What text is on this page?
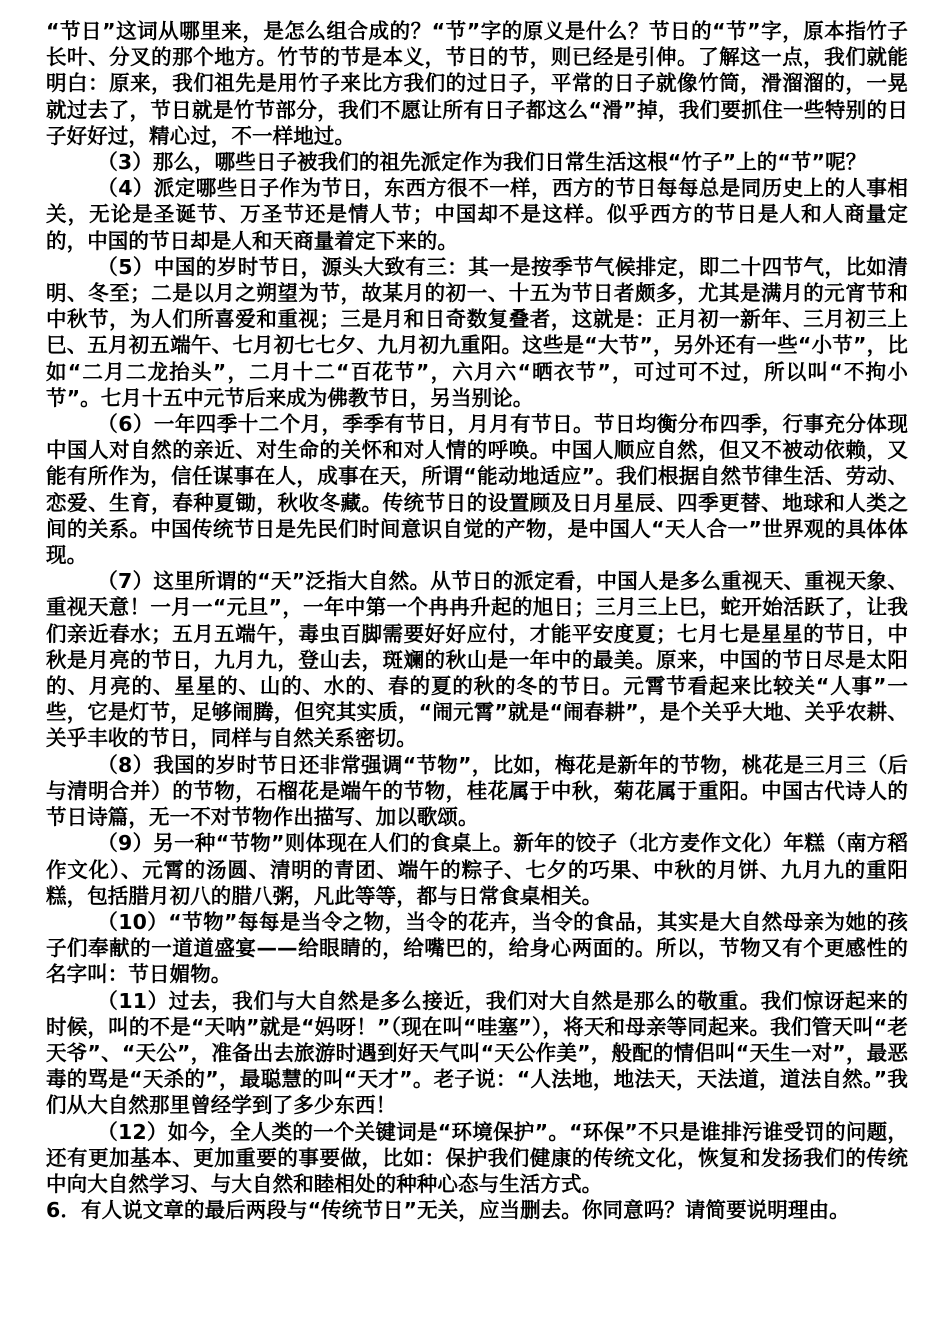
“节日”这词从哪里来，是怎么组合成的？“节”字的原义是什么？节日的“节”字，原本指竹子长叶、分叉的那个地方。竹节的节是本义，节日的节，则已经是引伸。了解这一点，我们就能明白：原来，我们祖先是用竹子来比方我们的过日子，平常的日子就像竹筒，滑溜溜的，一晃就过去了，节日就是竹节部分，我们不愿让所有日子都这么“滑”掉，我们要抓住一些特别的日子好好过，精心过，不一样地过。

（3）那么，哪些日子被我们的祖先派定作为我们日常生活这根“竹子”上的“节”呢？

（4）派定哪些日子作为节日，东西方很不一样，西方的节日每每总是同历史上的人事相关，无论是圣诞节、万圣节还是情人节；中国却不是这样。似乎西方的节日是人和人商量定的，中国的节日却是人和天商量着定下来的。

（5）中国的岁时节日，源头大致有三：其一是按季节气候排定，即二十四节气，比如清明、冬至；二是以月之朔望为节，故某月的初一、十五为节日者颇多，尤其是满月的元宵节和中秋节，为人们所喜爱和重视；三是月和日奇数复叠者，这就是：正月初一新年、三月初三上巳、五月初五端午、七月初七七夕、九月初九重阳。这些是“大节”，另外还有一些“小节”，比如“二月二龙抬头”，二月十二“百花节”，六月六“晒衣节”，可过可不过，所以叫“不拘小节”。七月十五中元节后来成为佛教节日，另当别论。

（6）一年四季十二个月，季季有节日，月月有节日。节日均衡分布四季，行事充分体现中国人对自然的亲近、对生命的关怀和对人情的呼唤。中国人顺应自然，但又不被动依赖，又能有所作为，信任谋事在人，成事在天，所谓“能动地适应”。我们根据自然节律生活、劳动、恋爱、生育，春种夏锄，秋收冬藏。传统节日的设置顾及日月星辰、四季更替、地球和人类之间的关系。中国传统节日是先民们时间意识自觉的产物，是中国人“天人合一”世界观的具体体现。

（7）这里所谓的“天”泛指大自然。从节日的派定看，中国人是多么重视天、重视天象、重视天意！一月一“元旦”，一年中第一个冉冉升起的旭日；三月三上巳，蛇开始活跃了，让我们亲近春水；五月五端午，毒虫百脚需要好好应付，才能平安度夏；七月七是星星的节日，中秋是月亮的节日，九月九，登山去，斑斓的秋山是一年中的最美。原来，中国的节日尽是太阳的、月亮的、星星的、山的、水的、春的夏的秋的冬的节日。元霄节看起来比较关“人事”一些，它是灯节，足够闹腾，但究其实质，“闹元霄”就是“闹春耕”，是个关乎大地、关乎农耕、关乎丰收的节日，同样与自然关系密切。

（8）我国的岁时节日还非常强调“节物”，比如，梅花是新年的节物，桃花是三月三（后与清明合并）的节物，石榴花是端午的节物，桂花属于中秋，菊花属于重阳。中国古代诗人的节日诗篇，无一不对节物作出描写、加以歌颂。

（9）另一种“节物”则体现在人们的食桌上。新年的饺子（北方麦作文化）年糕（南方稻作文化）、元霄的汤圆、清明的青团、端午的粽子、七夕的巧果、中秋的月饼、九月九的重阳糕，包括腊月初八的腊八粥，凡此等等，都与日常食桌相关。

（10）“节物”每每是当令之物，当令的花卉，当令的食品，其实是大自然母亲为她的孩子们奉献的一道道盛宴——给眼睛的，给嘴巴的，给身心两面的。所以，节物又有个更感性的名字叫：节日媚物。

（11）过去，我们与大自然是多么接近，我们对大自然是那么的敬重。我们惊讶起来的时候，叫的不是“天呐”就是“妈呀！”（现在叫“哇塞”），将天和母亲等同起来。我们管天叫“老天爷”、“天公”，准备出去旅游时遇到好天气叫“天公作美”，般配的情侣叫“天生一对”，最恶毒的骂是“天杀的”，最聪慧的叫“天才”。老子说：“人法地，地法天，天法道，道法自然。”我们从大自然那里曾经学到了多少东西！

（12）如今，全人类的一个关键词是“环境保护”。“环保”不只是谁排污谁受罚的问题，还有更加基本、更加重要的事要做，比如：保护我们健康的传统文化，恢复和发扬我们的传统中向大自然学习、与大自然和睦相处的种种心态与生活方式。

6．有人说文章的最后两段与“传统节日”无关，应当删去。你同意吗？请简要说明理由。
